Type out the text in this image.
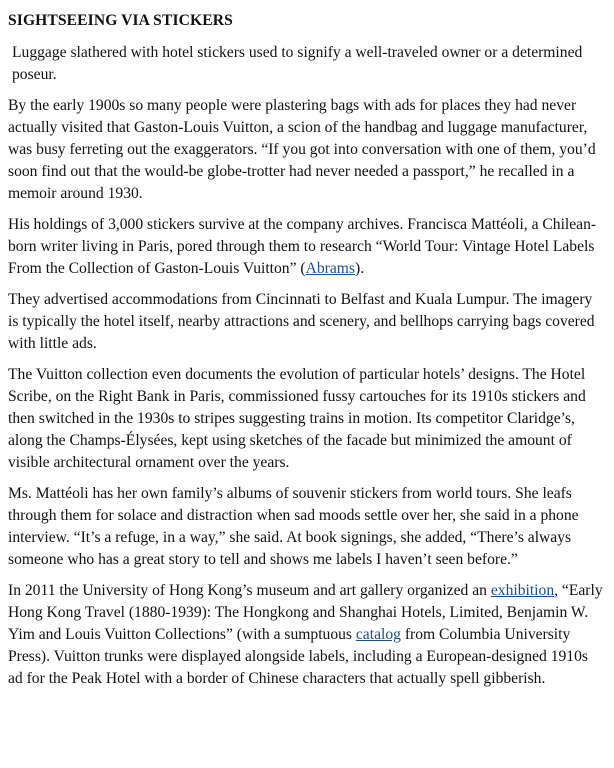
SIGHTSEEING VIA STICKERS

Luggage slathered with hotel stickers used to signify a well-traveled owner or a determined poseur.

By the early 1900s so many people were plastering bags with ads for places they had never actually visited that Gaston-Louis Vuitton, a scion of the handbag and luggage manufacturer, was busy ferreting out the exaggerators. “If you got into conversation with one of them, you’d soon find out that the would-be globe-trotter had never needed a passport,” he recalled in a memoir around 1930.

His holdings of 3,000 stickers survive at the company archives. Francisca Mattéoli, a Chilean-born writer living in Paris, pored through them to research “World Tour: Vintage Hotel Labels From the Collection of Gaston-Louis Vuitton” (Abrams).

They advertised accommodations from Cincinnati to Belfast and Kuala Lumpur. The imagery is typically the hotel itself, nearby attractions and scenery, and bellhops carrying bags covered with little ads.

The Vuitton collection even documents the evolution of particular hotels’ designs. The Hotel Scribe, on the Right Bank in Paris, commissioned fussy cartouches for its 1910s stickers and then switched in the 1930s to stripes suggesting trains in motion. Its competitor Claridge’s, along the Champs-Élysées, kept using sketches of the facade but minimized the amount of visible architectural ornament over the years.

Ms. Mattéoli has her own family’s albums of souvenir stickers from world tours. She leafs through them for solace and distraction when sad moods settle over her, she said in a phone interview. “It’s a refuge, in a way,” she said. At book signings, she added, “There’s always someone who has a great story to tell and shows me labels I haven’t seen before.”

In 2011 the University of Hong Kong’s museum and art gallery organized an exhibition, “Early Hong Kong Travel (1880-1939): The Hongkong and Shanghai Hotels, Limited, Benjamin W. Yim and Louis Vuitton Collections” (with a sumptuous catalog from Columbia University Press). Vuitton trunks were displayed alongside labels, including a European-designed 1910s ad for the Peak Hotel with a border of Chinese characters that actually spell gibberish.
